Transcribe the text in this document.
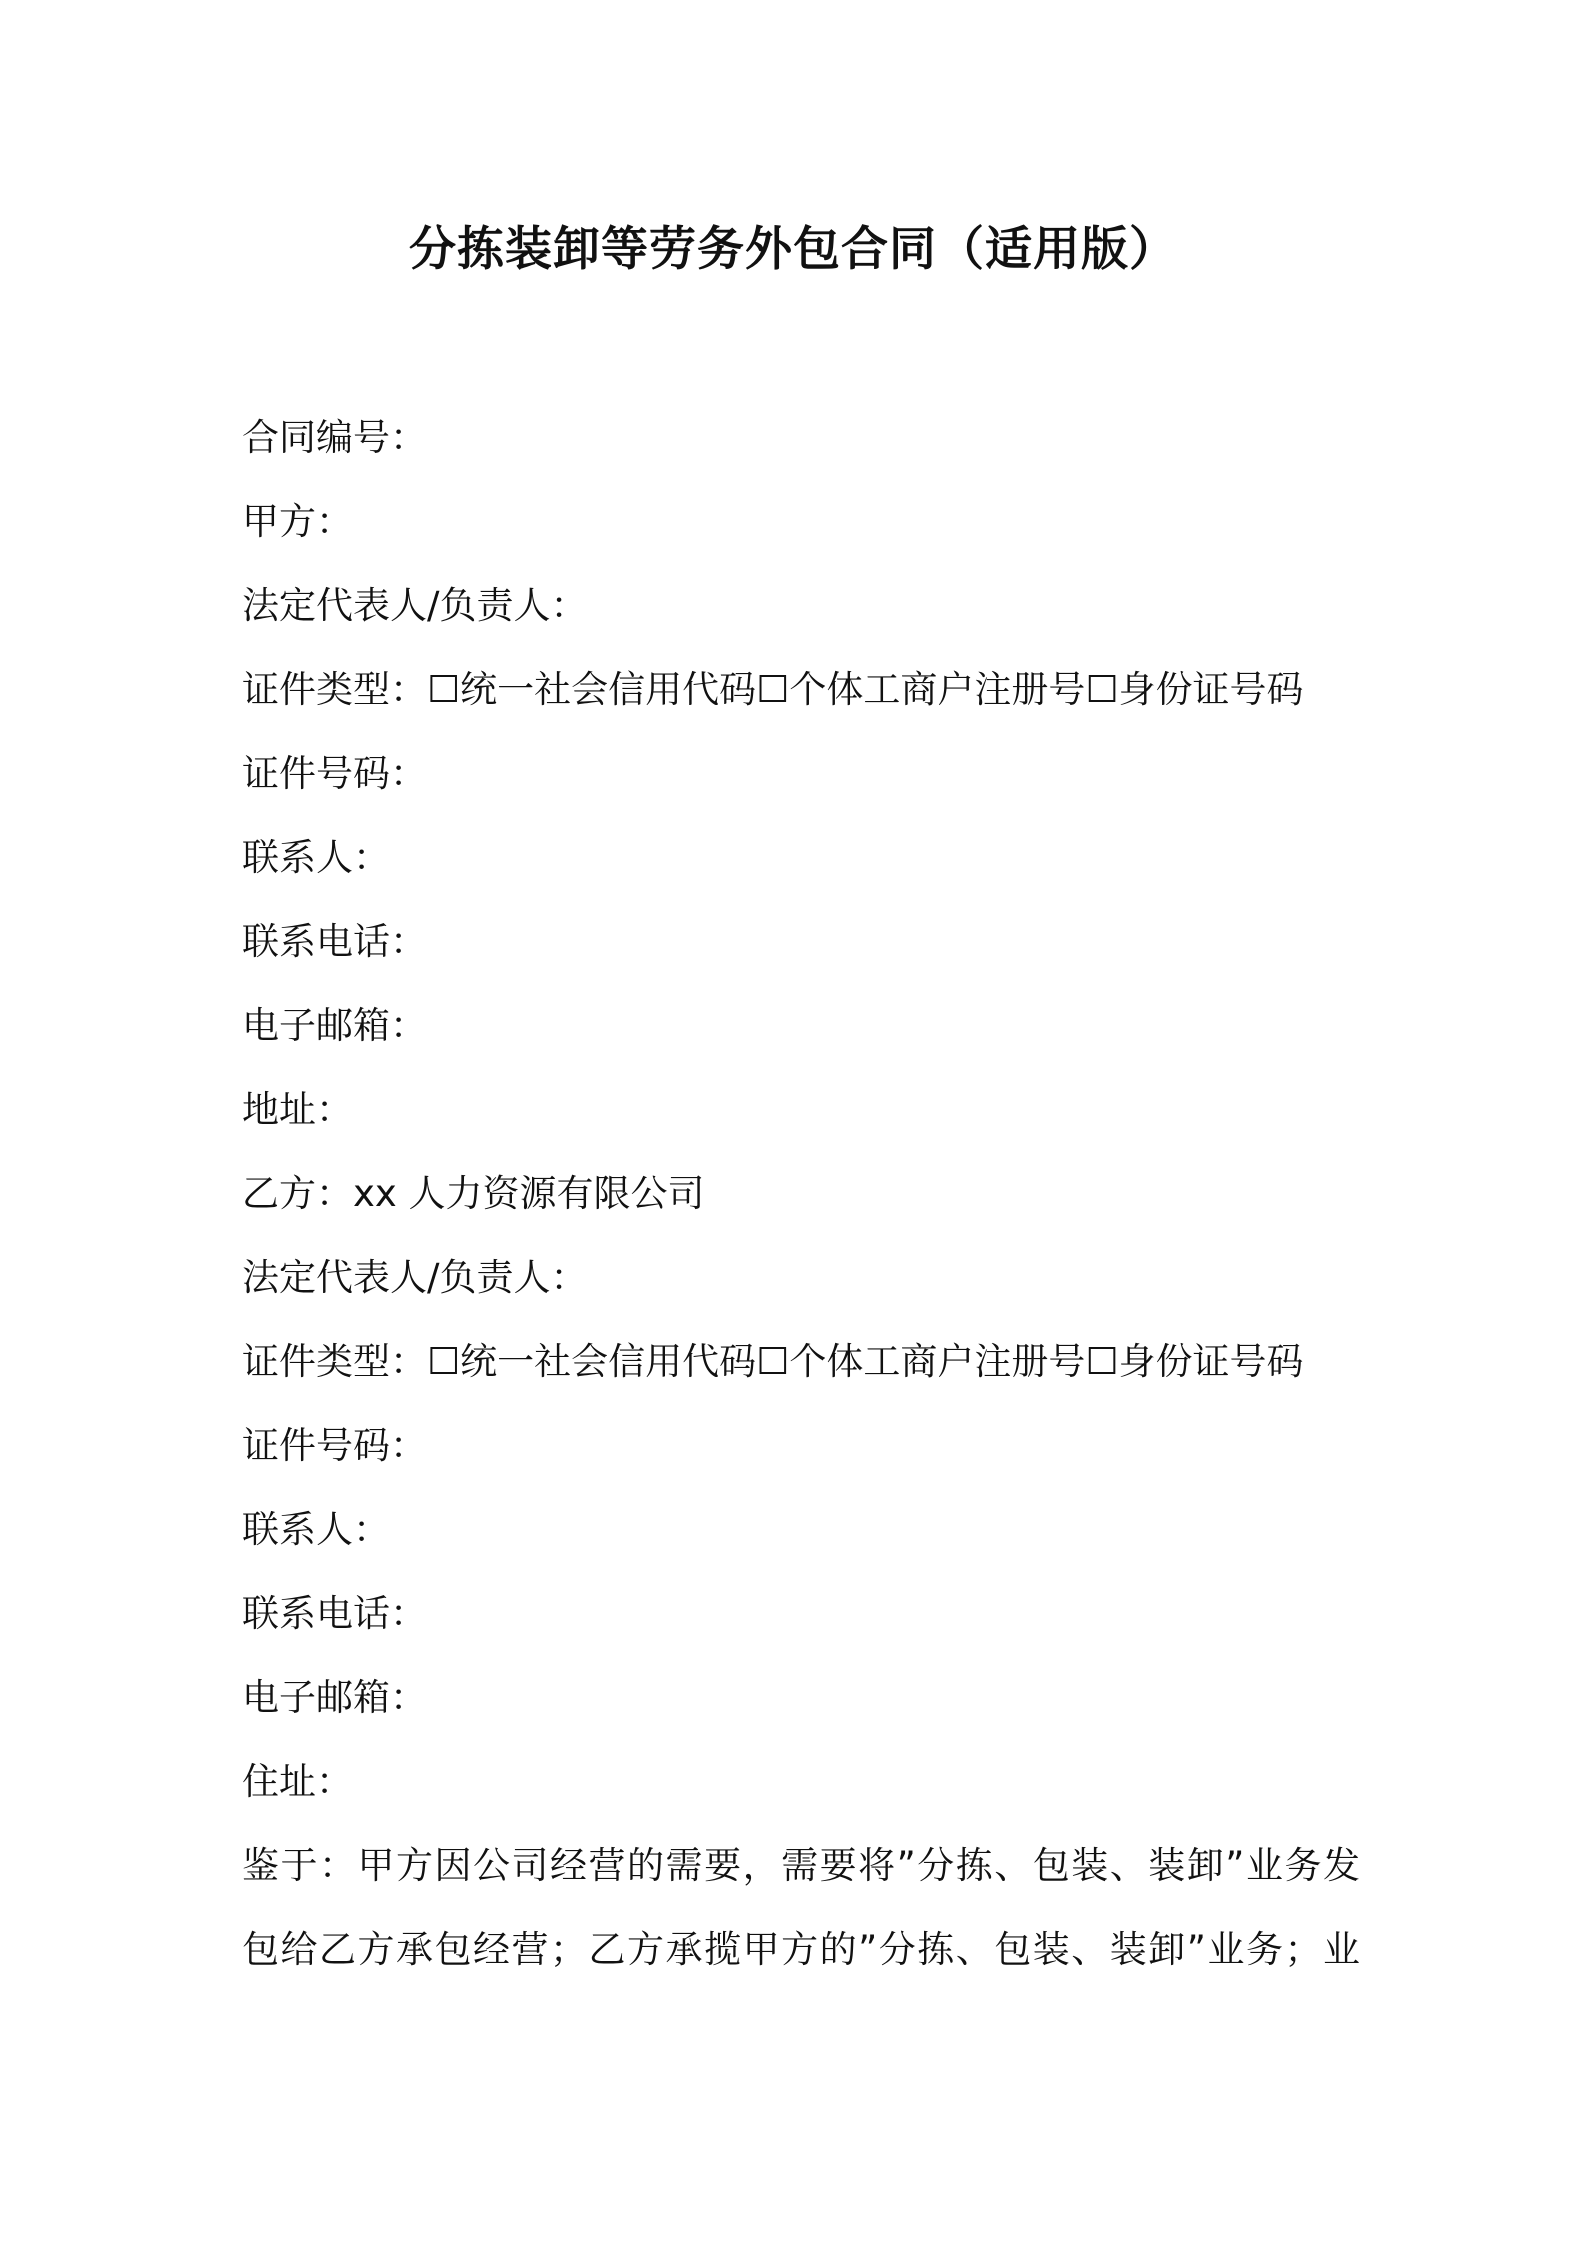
分拣装卸等劳务外包合同（适用版）
合同编号：
甲方：
法定代表人/负责人：
证件类型：☐统一社会信用代码☐个体工商户注册号☐身份证号码
证件号码：
联系人：
联系电话：
电子邮箱：
地址：
乙方：xx 人力资源有限公司
法定代表人/负责人：
证件类型：☐统一社会信用代码☐个体工商户注册号☐身份证号码
证件号码：
联系人：
联系电话：
电子邮箱：
住址：
鉴于：甲方因公司经营的需要，需要将”分拣、包装、装卸”业务发
包给乙方承包经营；乙方承揽甲方的”分拣、包装、装卸”业务；业
